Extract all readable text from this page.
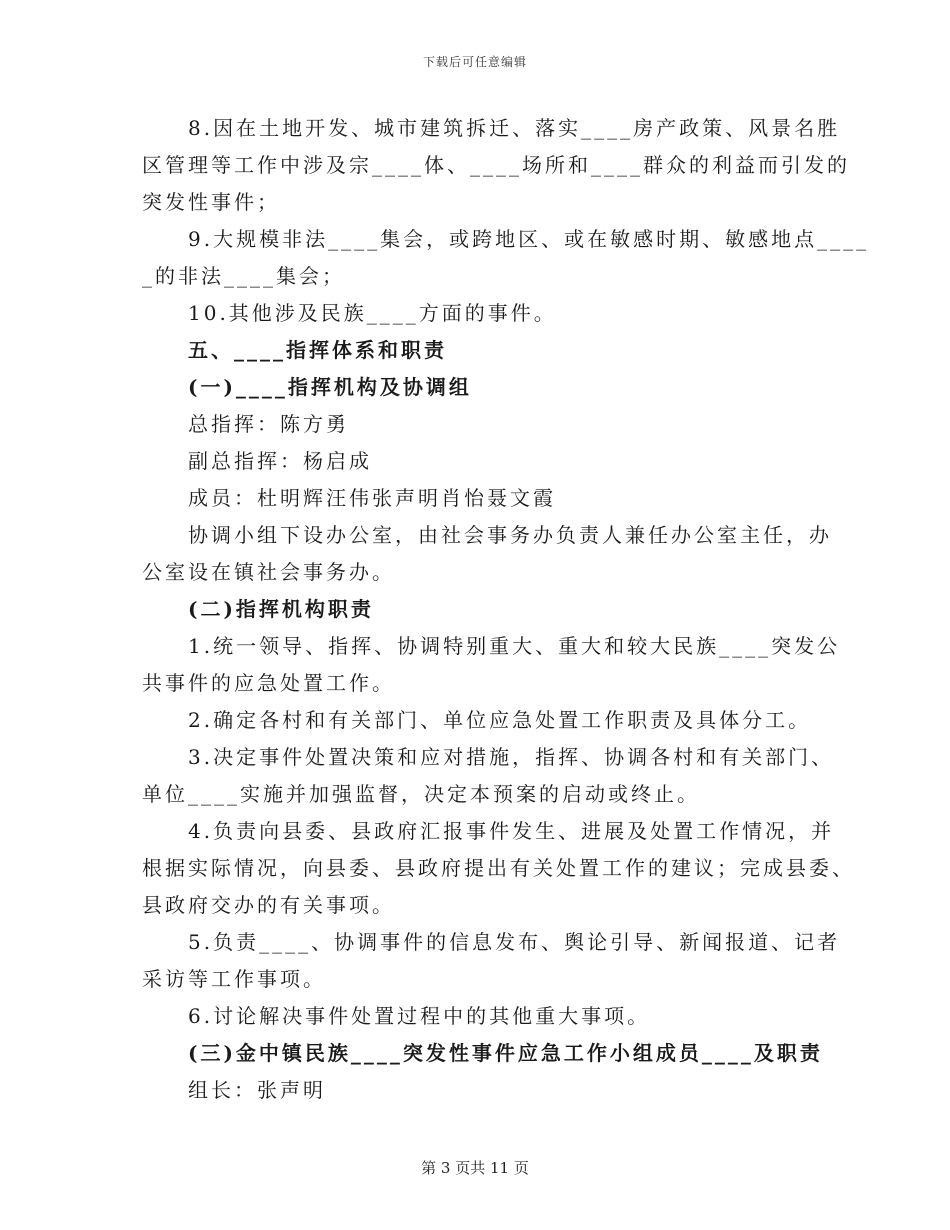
下载后可任意编辑
8.因在土地开发、城市建筑拆迁、落实____房产政策、风景名胜
区管理等工作中涉及宗____体、____场所和____群众的利益而引发的
突发性事件；
9.大规模非法____集会，或跨地区、或在敏感时期、敏感地点____
_的非法____集会；
10.其他涉及民族____方面的事件。
五、____指挥体系和职责
(一)____指挥机构及协调组
总指挥：陈方勇
副总指挥：杨启成
成员：杜明辉汪伟张声明肖怡聂文霞
协调小组下设办公室，由社会事务办负责人兼任办公室主任，办
公室设在镇社会事务办。
(二)指挥机构职责
1.统一领导、指挥、协调特别重大、重大和较大民族____突发公
共事件的应急处置工作。
2.确定各村和有关部门、单位应急处置工作职责及具体分工。
3.决定事件处置决策和应对措施，指挥、协调各村和有关部门、
单位____实施并加强监督，决定本预案的启动或终止。
4.负责向县委、县政府汇报事件发生、进展及处置工作情况，并
根据实际情况，向县委、县政府提出有关处置工作的建议；完成县委、
县政府交办的有关事项。
5.负责____、协调事件的信息发布、舆论引导、新闻报道、记者
采访等工作事项。
6.讨论解决事件处置过程中的其他重大事项。
(三)金中镇民族____突发性事件应急工作小组成员____及职责
组长：张声明
第 3 页共 11 页
